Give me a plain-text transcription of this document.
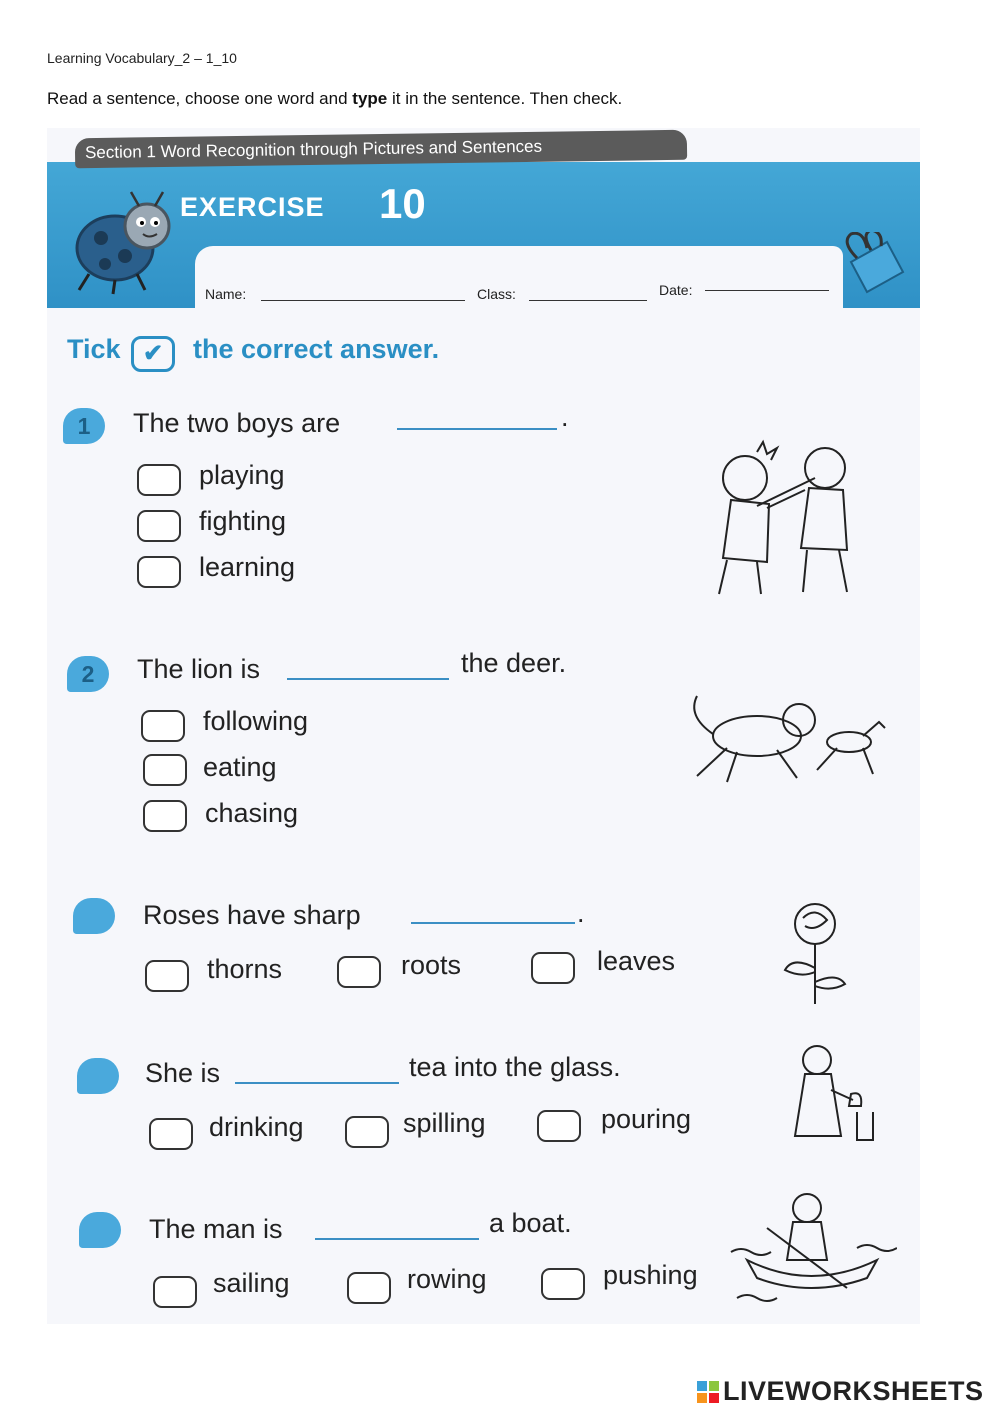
Learning Vocabulary_2 – 1_10
Read a sentence, choose one word and type it in the sentence. Then check.
Section 1 Word Recognition through Pictures and Sentences
EXERCISE 10
Name:	Class:	Date:
Tick ✔	the correct answer.
1	The two boys are	.
playing
fighting
learning
2	The lion is	the deer.
following
eating
chasing
Roses have sharp	.
thorns	roots	leaves
She is	tea into the glass.
drinking	spilling	pouring
The man is	a boat.
sailing	rowing	pushing
LIVEWORKSHEETS
